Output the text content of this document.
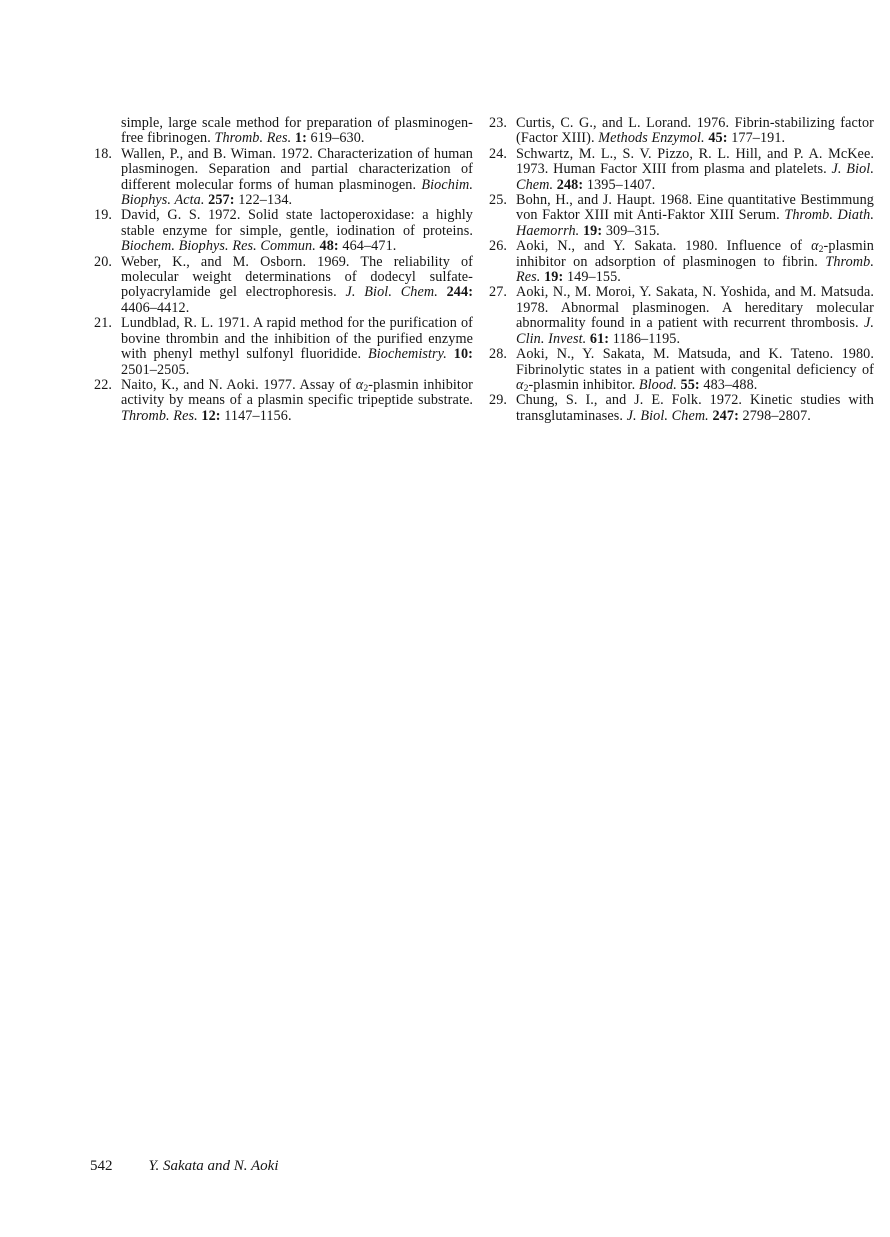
simple, large scale method for preparation of plasminogen-free fibrinogen. Thromb. Res. 1: 619–630.
18. Wallen, P., and B. Wiman. 1972. Characterization of human plasminogen. Separation and partial characterization of different molecular forms of human plasminogen. Biochim. Biophys. Acta. 257: 122–134.
19. David, G. S. 1972. Solid state lactoperoxidase: a highly stable enzyme for simple, gentle, iodination of proteins. Biochem. Biophys. Res. Commun. 48: 464–471.
20. Weber, K., and M. Osborn. 1969. The reliability of molecular weight determinations of dodecyl sulfate-polyacrylamide gel electrophoresis. J. Biol. Chem. 244: 4406–4412.
21. Lundblad, R. L. 1971. A rapid method for the purification of bovine thrombin and the inhibition of the purified enzyme with phenyl methyl sulfonyl fluoridide. Biochemistry. 10: 2501–2505.
22. Naito, K., and N. Aoki. 1977. Assay of α2-plasmin inhibitor activity by means of a plasmin specific tripeptide substrate. Thromb. Res. 12: 1147–1156.
23. Curtis, C. G., and L. Lorand. 1976. Fibrin-stabilizing factor (Factor XIII). Methods Enzymol. 45: 177–191.
24. Schwartz, M. L., S. V. Pizzo, R. L. Hill, and P. A. McKee. 1973. Human Factor XIII from plasma and platelets. J. Biol. Chem. 248: 1395–1407.
25. Bohn, H., and J. Haupt. 1968. Eine quantitative Bestimmung von Faktor XIII mit Anti-Faktor XIII Serum. Thromb. Diath. Haemorrh. 19: 309–315.
26. Aoki, N., and Y. Sakata. 1980. Influence of α2-plasmin inhibitor on adsorption of plasminogen to fibrin. Thromb. Res. 19: 149–155.
27. Aoki, N., M. Moroi, Y. Sakata, N. Yoshida, and M. Matsuda. 1978. Abnormal plasminogen. A hereditary molecular abnormality found in a patient with recurrent thrombosis. J. Clin. Invest. 61: 1186–1195.
28. Aoki, N., Y. Sakata, M. Matsuda, and K. Tateno. 1980. Fibrinolytic states in a patient with congenital deficiency of α2-plasmin inhibitor. Blood. 55: 483–488.
29. Chung, S. I., and J. E. Folk. 1972. Kinetic studies with transglutaminases. J. Biol. Chem. 247: 2798–2807.
542 Y. Sakata and N. Aoki
